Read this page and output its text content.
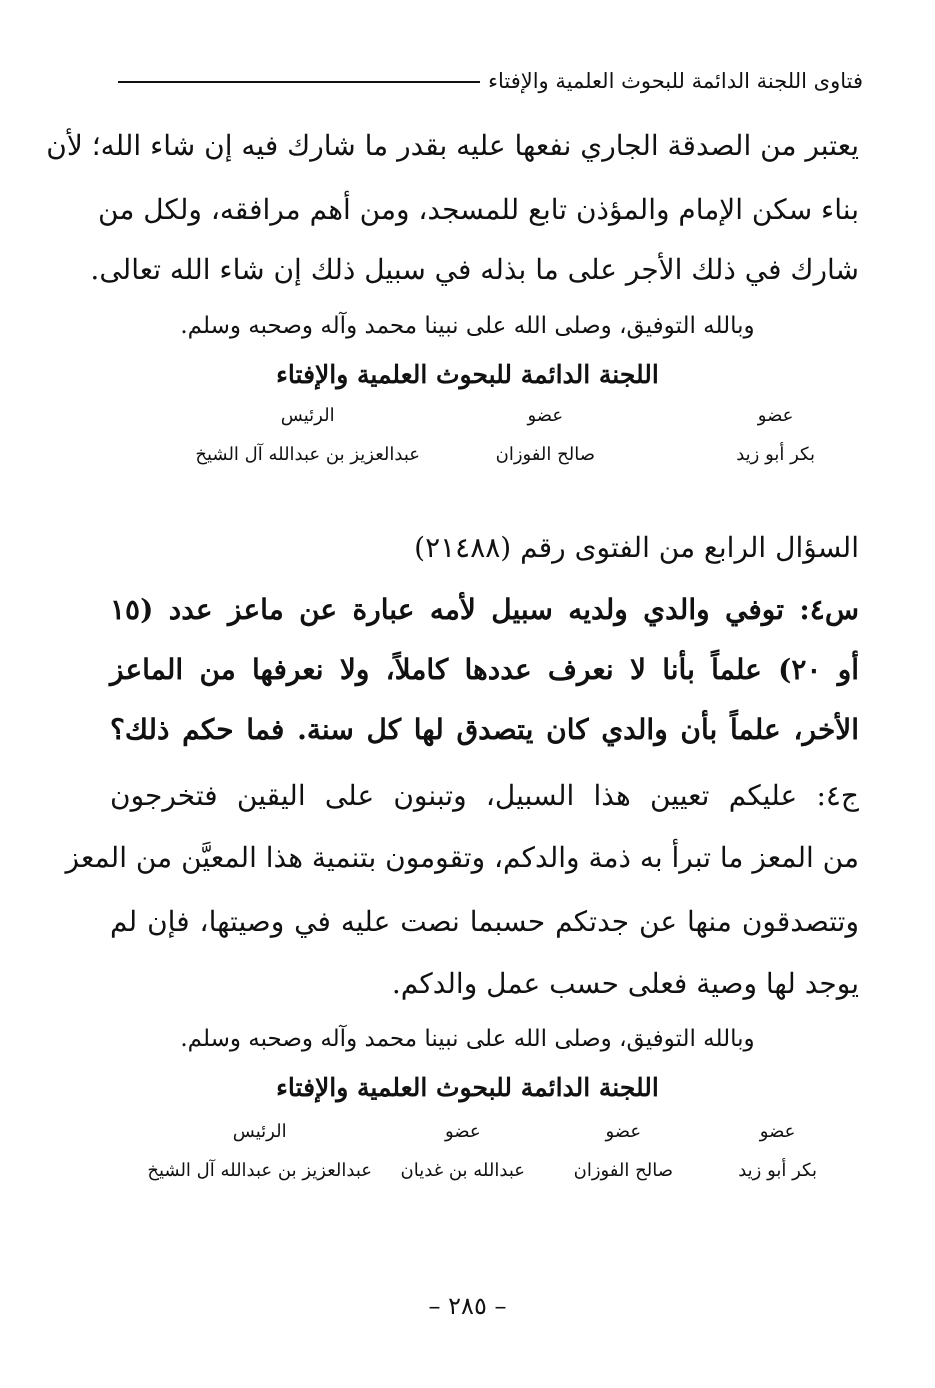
فتاوى اللجنة الدائمة للبحوث العلمية والإفتاء
يعتبر من الصدقة الجاري نفعها عليه بقدر ما شارك فيه إن شاء الله؛ لأن
بناء سكن الإمام والمؤذن تابع للمسجد، ومن أهم مرافقه، ولكل من
شارك في ذلك الأجر على ما بذله في سبيل ذلك إن شاء الله تعالى.
وبالله التوفيق، وصلى الله على نبينا محمد وآله وصحبه وسلم.
اللجنة الدائمة للبحوث العلمية والإفتاء
عضو
بكر أبو زيد
عضو
صالح الفوزان
الرئيس
عبدالعزيز بن عبدالله آل الشيخ
السؤال الرابع من الفتوى رقم (٢١٤٨٨)
س٤: توفي والدي ولديه سبيل لأمه عبارة عن ماعز عدد (١٥
أو ٢٠) علماً بأنا لا نعرف عددها كاملاً، ولا نعرفها من الماعز
الأخر، علماً بأن والدي كان يتصدق لها كل سنة. فما حكم ذلك؟
ج٤: عليكم تعيين هذا السبيل، وتبنون على اليقين فتخرجون
من المعز ما تبرأ به ذمة والدكم، وتقومون بتنمية هذا المعيَّن من المعز
وتتصدقون منها عن جدتكم حسبما نصت عليه في وصيتها، فإن لم
يوجد لها وصية فعلى حسب عمل والدكم.
وبالله التوفيق، وصلى الله على نبينا محمد وآله وصحبه وسلم.
اللجنة الدائمة للبحوث العلمية والإفتاء
عضو
بكر أبو زيد
عضو
صالح الفوزان
عضو
عبدالله بن غديان
الرئيس
عبدالعزيز بن عبدالله آل الشيخ
– ٢٨٥ –
